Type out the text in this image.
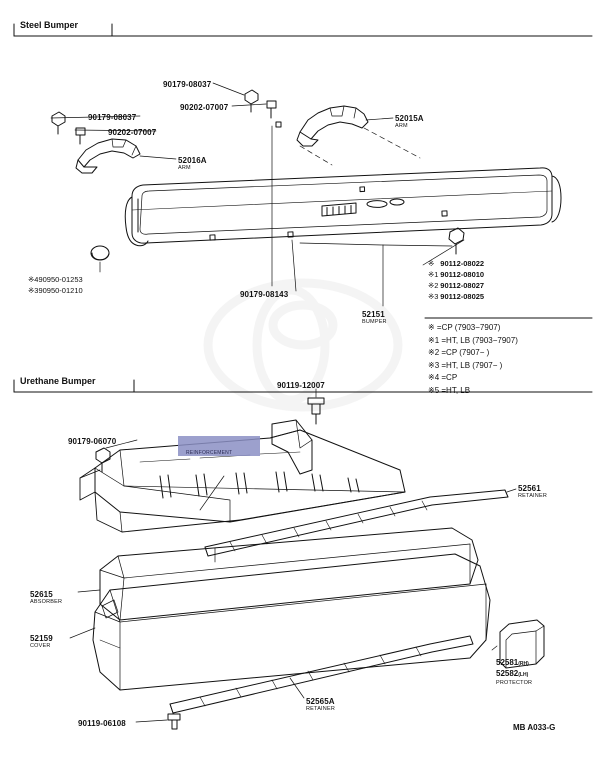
REINFORCEMENT
Steel Bumper
Urethane Bumper
90179-08037
90202-07007
90179-08037
90202-07007
52015A
ARM
52016A
ARM
90179-08143
52151
BUMPER
※490950-01253
※390950-01210
※ 90112-08022
※ 1 90112-08010
※ 2 90112-08027
※ 3 90112-08025
※ =CP (7903−7907)
※1 =HT, LB (7903−7907)
※2 =CP (7907− )
※3 =HT, LB (7907− )
※4 =CP
※5 =HT, LB
90119-12007
90179-06070
52561
RETAINER
52615
ABSORBER
52159
COVER
52565A
RETAINER
90119-06108
52581(RH)
52582(LH)
PROTECTOR
MB A033-G
